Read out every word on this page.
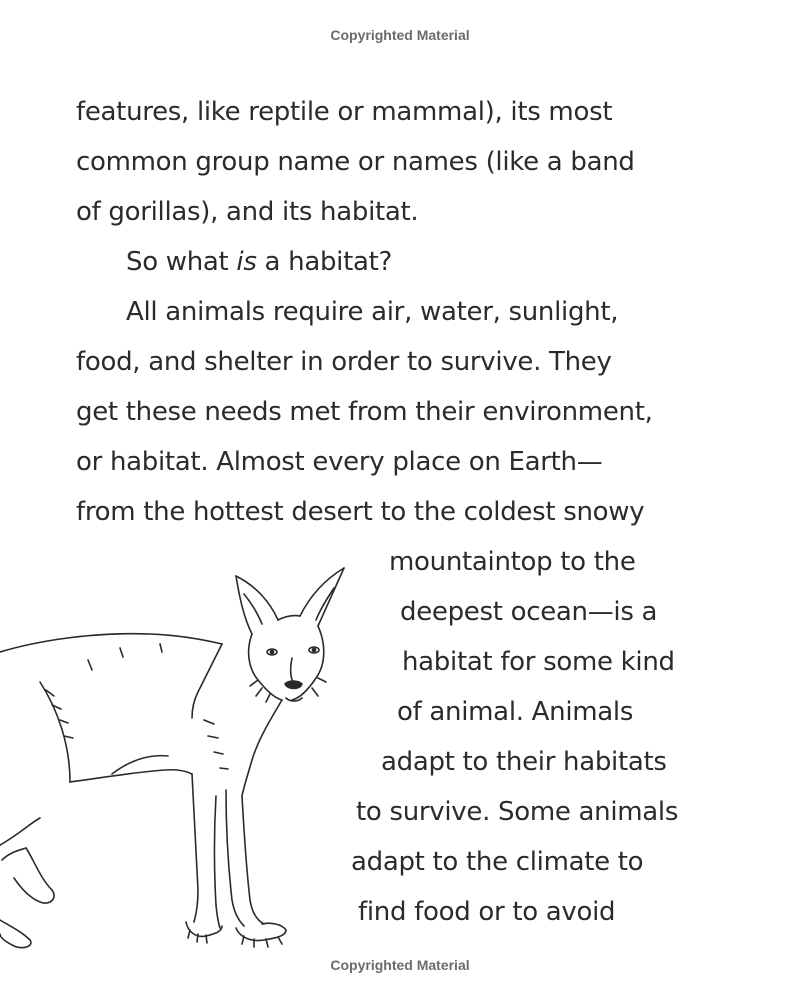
Copyrighted Material
features, like reptile or mammal), its most
common group name or names (like a band
of gorillas), and its habitat.
So what is a habitat?
All animals require air, water, sunlight,
food, and shelter in order to survive. They
get these needs met from their environment,
or habitat. Almost every place on Earth—
from the hottest desert to the coldest snowy
mountaintop to the
deepest ocean—is a
habitat for some kind
of animal. Animals
adapt to their habitats
to survive. Some animals
adapt to the climate to
find food or to avoid
Copyrighted Material
